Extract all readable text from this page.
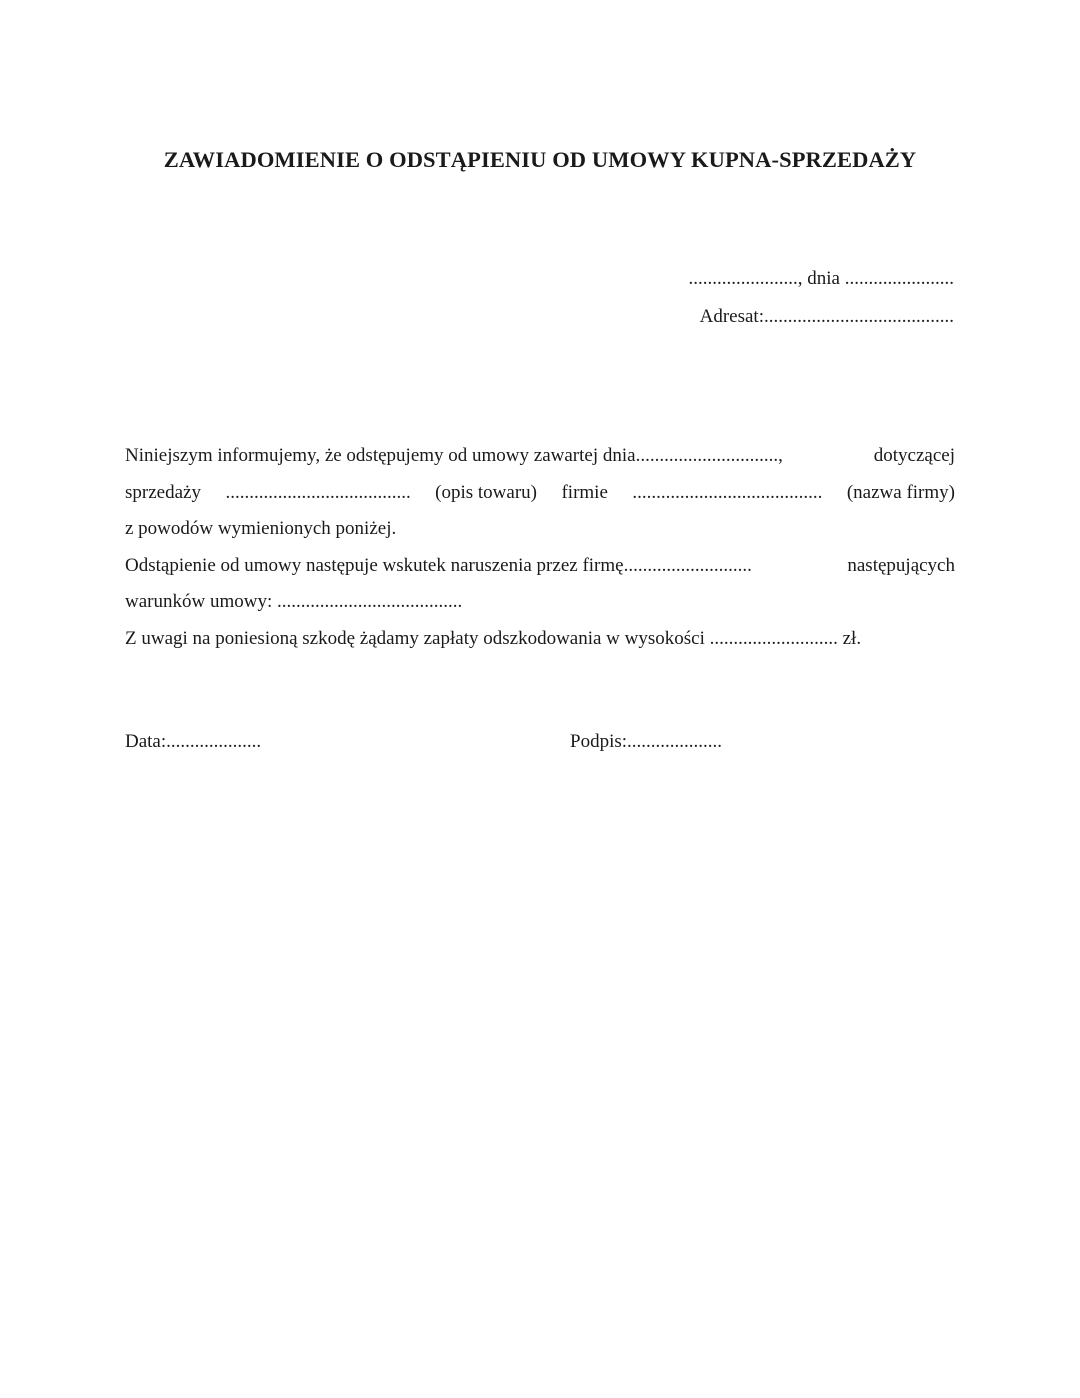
ZAWIADOMIENIE O ODSTĄPIENIU OD UMOWY KUPNA-SPRZEDAŻY
......................., dnia .......................
Adresat:........................................
Niniejszym informujemy, że odstępujemy od umowy zawartej dnia..............................,	dotyczącej
sprzedaży ....................................... (opis towaru) firmie ........................................ (nazwa firmy)
z powodów wymienionych poniżej.
Odstąpienie od umowy następuje wskutek naruszenia przez firmę...........................	następujących
warunków umowy: .......................................
Z uwagi na poniesioną szkodę żądamy zapłaty odszkodowania w wysokości ........................... zł.
Data:....................	Podpis:....................
